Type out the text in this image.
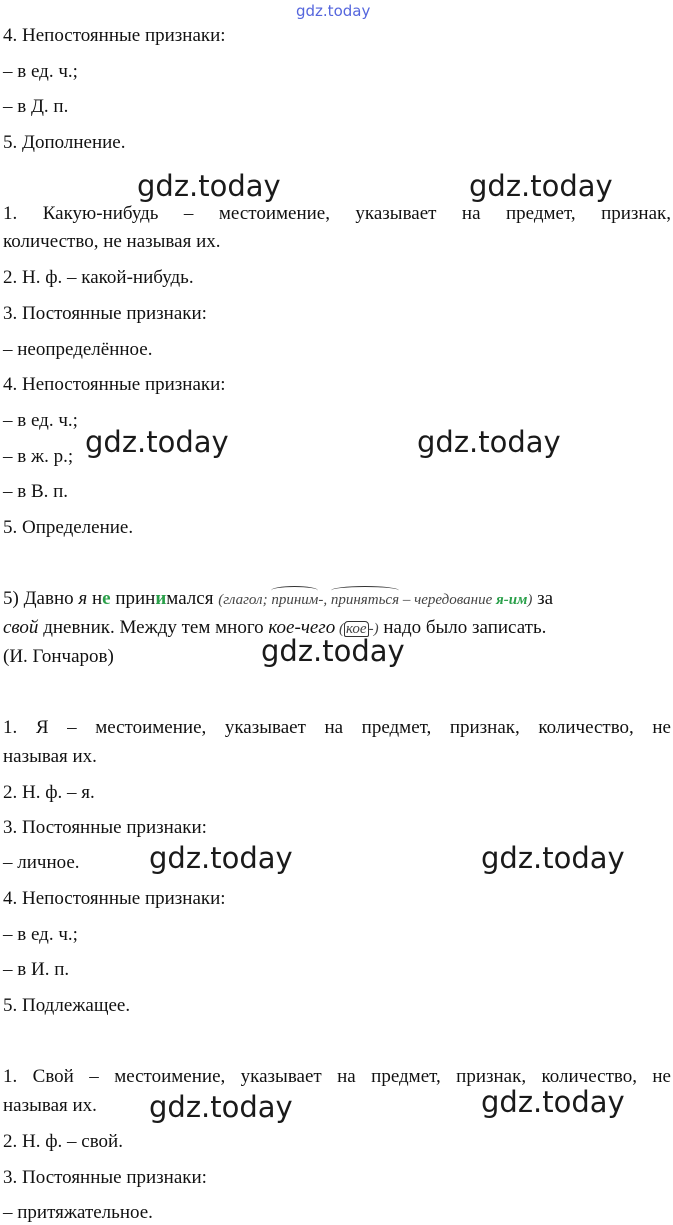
gdz.today
4. Непостоянные признаки:
– в ед. ч.;
– в Д. п.
5. Дополнение.
1. Какую-нибудь – местоимение, указывает на предмет, признак,
количество, не называя их.
2. Н. ф. – какой-нибудь.
3. Постоянные признаки:
– неопределённое.
4. Непостоянные признаки:
– в ед. ч.;
– в ж. р.;
– в В. п.
5. Определение.
5) Давно я не принимался (глагол; приним-, приняться – чередование я-им) за
свой дневник. Между тем много кое-чего ( кое -) надо было записать.
(И. Гончаров)
1. Я – местоимение, указывает на предмет, признак, количество, не
называя их.
2. Н. ф. – я.
3. Постоянные признаки:
– личное.
4. Непостоянные признаки:
– в ед. ч.;
– в И. п.
5. Подлежащее.
1. Свой – местоимение, указывает на предмет, признак, количество, не
называя их.
2. Н. ф. – свой.
3. Постоянные признаки:
– притяжательное.
gdz.today	gdz.today
gdz.today	gdz.today
gdz.today
gdz.today	gdz.today
gdz.today	gdz.today
